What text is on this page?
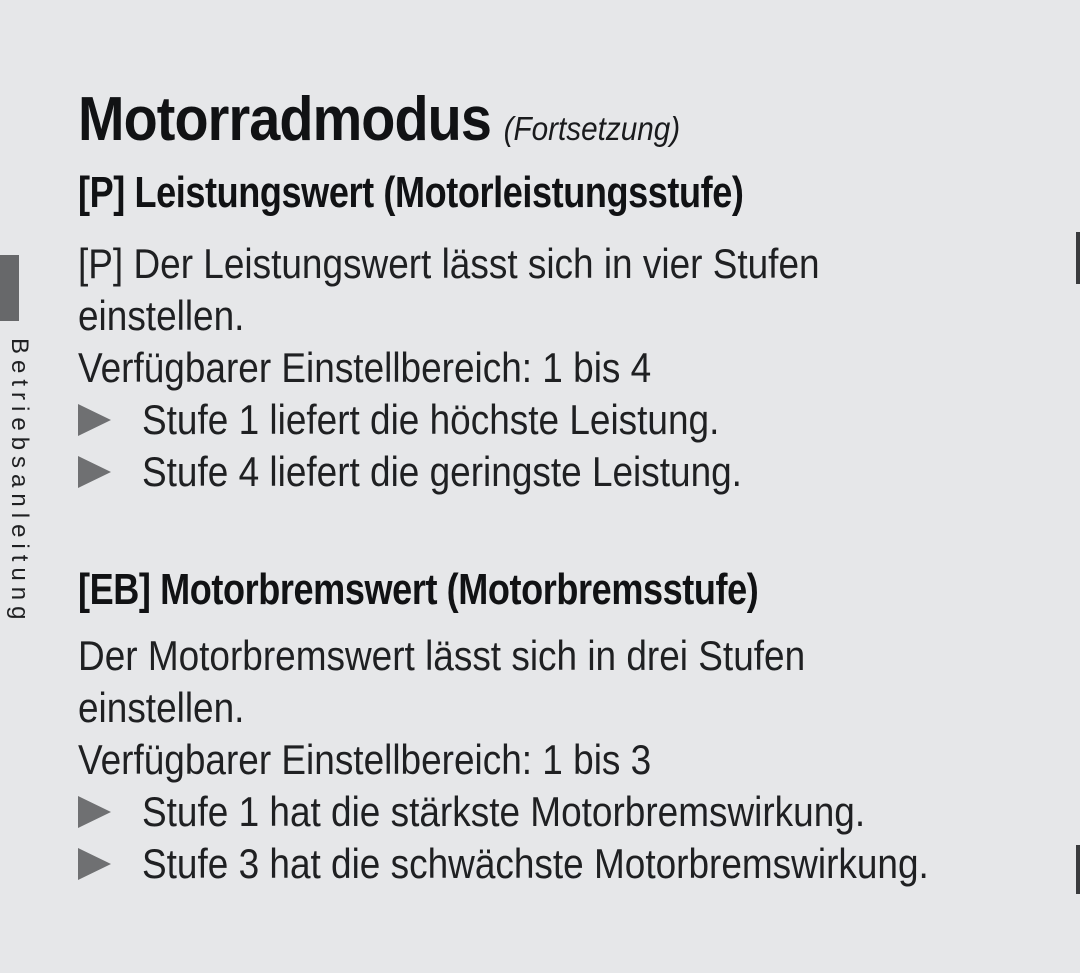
Betriebsanleitung
Motorradmodus (Fortsetzung)
[P] Leistungswert (Motorleistungsstufe)
[P] Der Leistungswert lässt sich in vier Stufen
einstellen.
Verfügbarer Einstellbereich: 1 bis 4
Stufe 1 liefert die höchste Leistung.
Stufe 4 liefert die geringste Leistung.
[EB] Motorbremswert (Motorbremsstufe)
Der Motorbremswert lässt sich in drei Stufen
einstellen.
Verfügbarer Einstellbereich: 1 bis 3
Stufe 1 hat die stärkste Motorbremswirkung.
Stufe 3 hat die schwächste Motorbremswirkung.
